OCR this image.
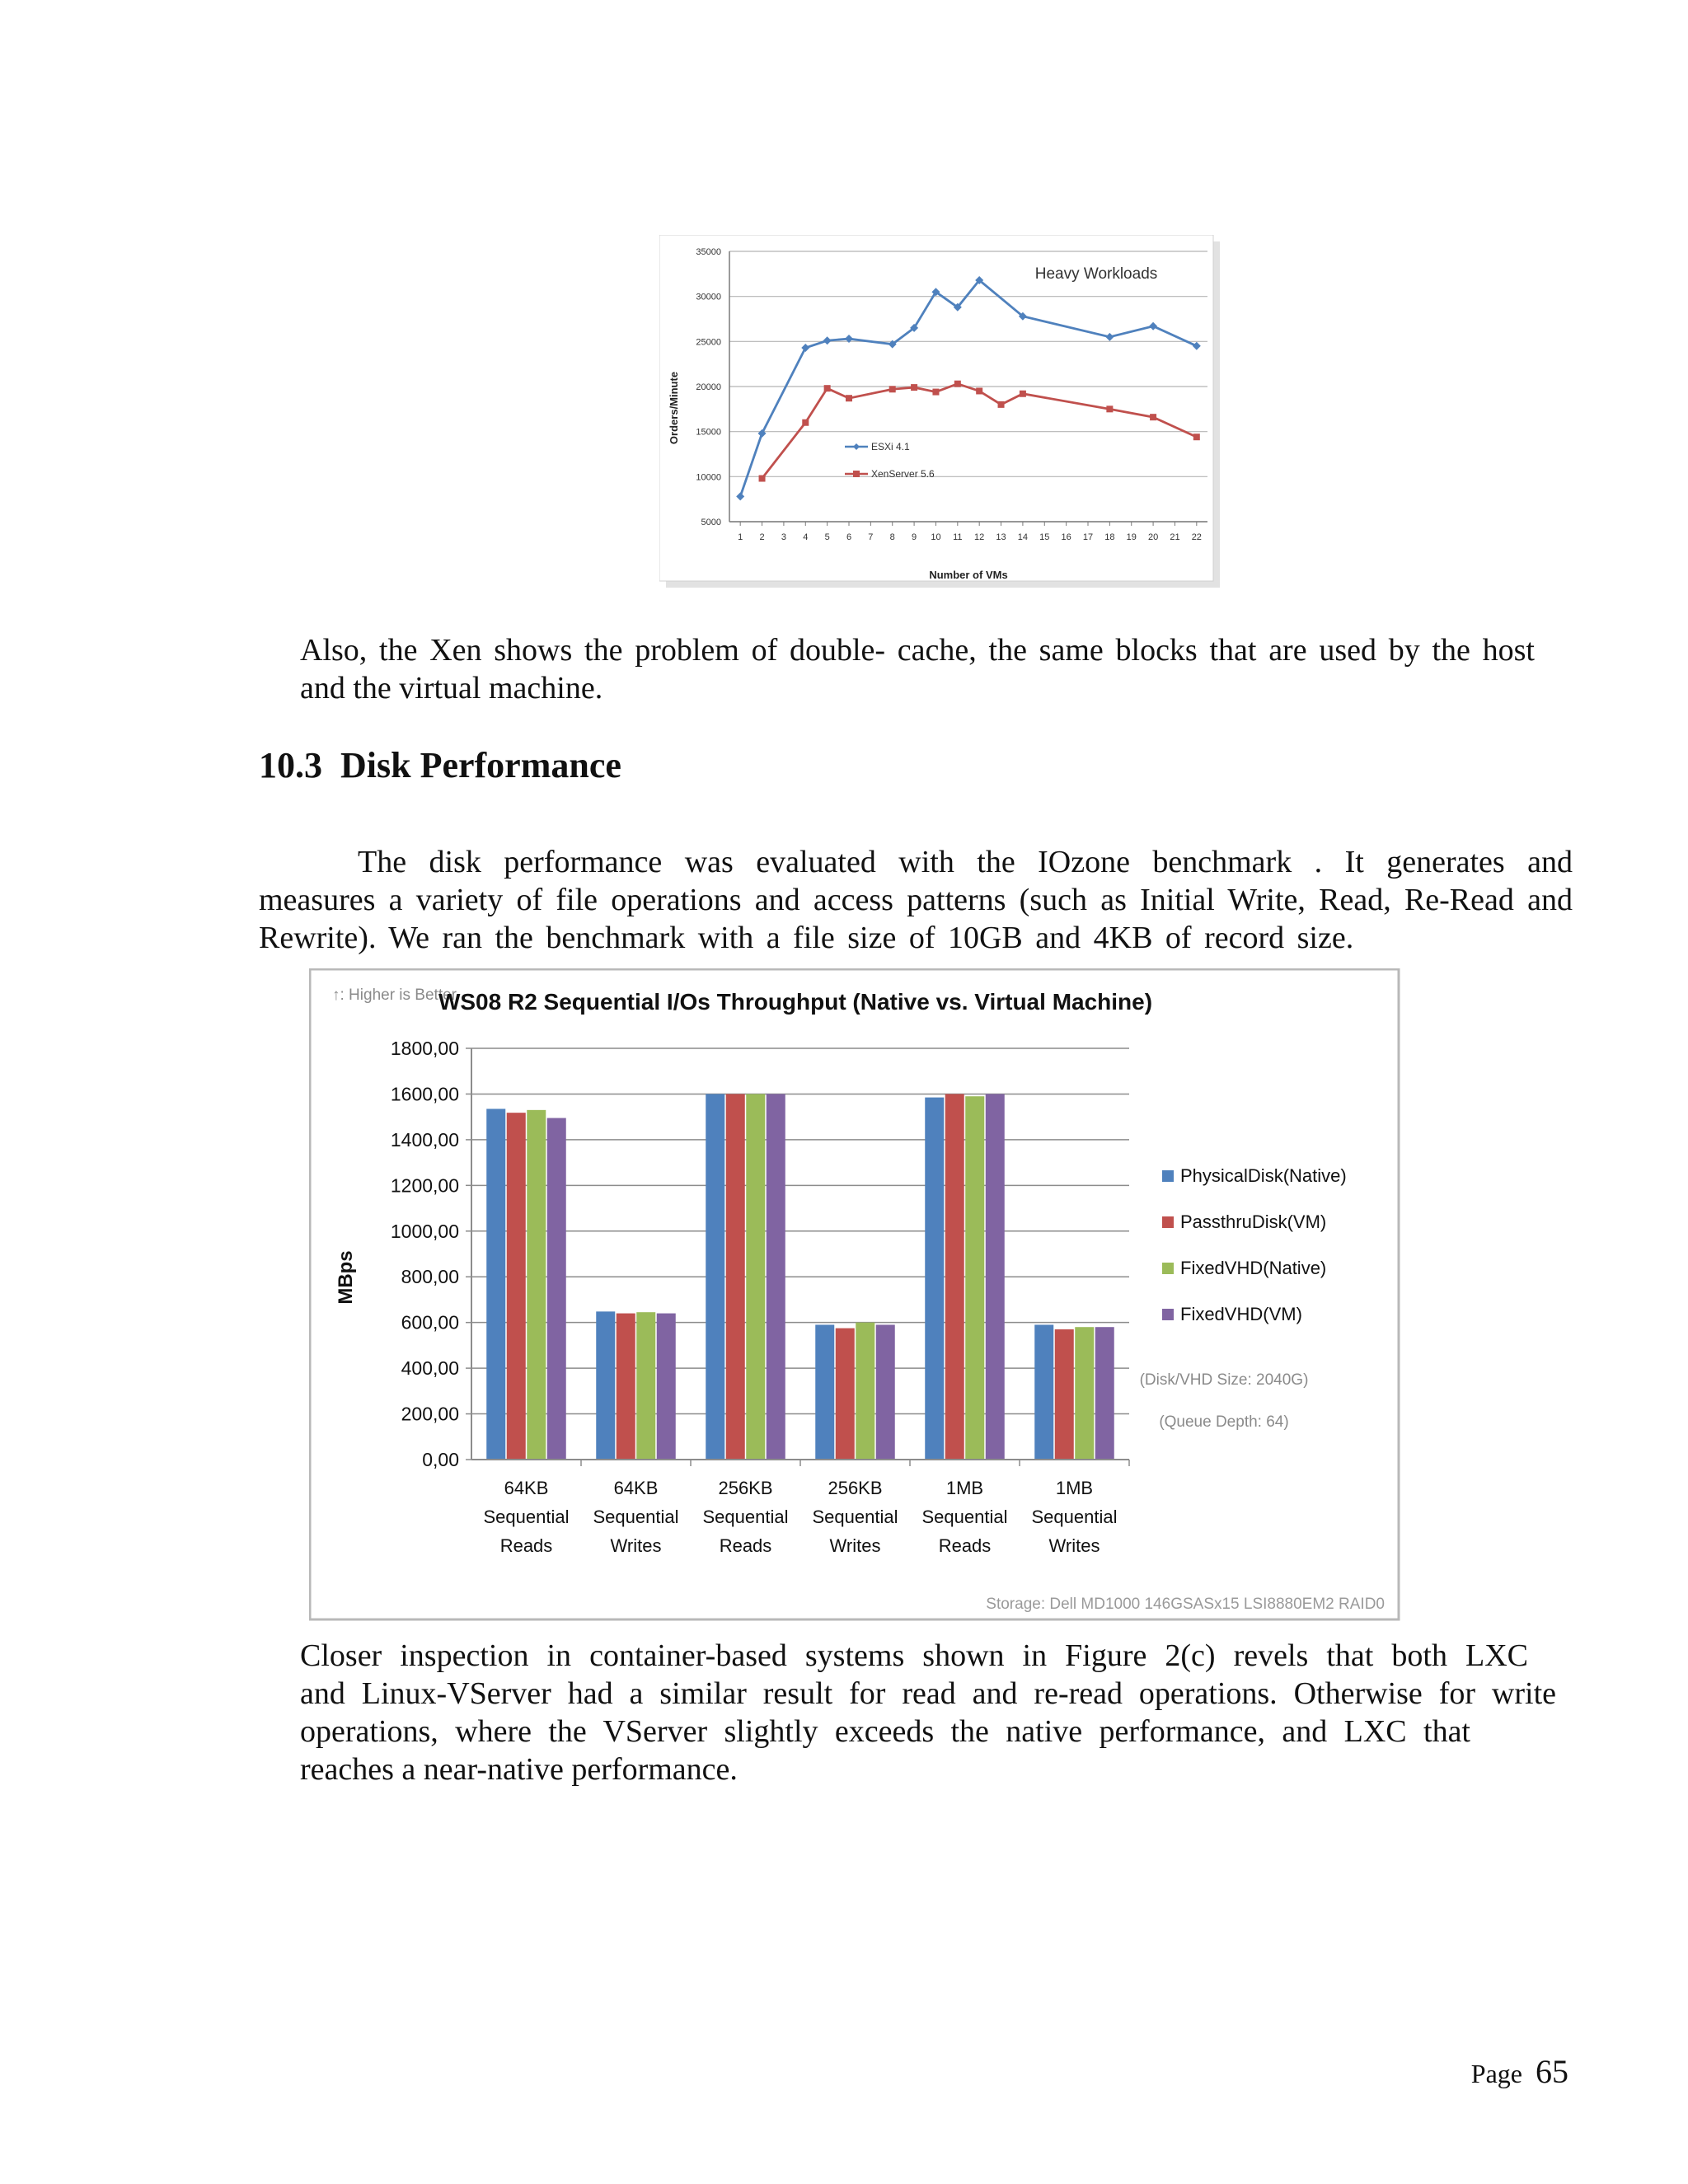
35000
30000
25000
20000
15000
10000
5000
1 2 3 4 5 6 7 8 9 10 11 12 13 14 15 16 17 18 19 20 21 22
ESXi 4.1
XenServer 5.6
Heavy Workloads
Number of VMs
Orders/Minute

Also, the Xen shows the problem of double- cache, the same blocks that are used by the host

and the virtual machine.

10.3 Disk Performance
The disk performance was evaluated with the IOzone benchmark . It generates and
measures a variety of file operations and access patterns (such as Initial Write, Read, Re-Read and
Rewrite). We ran the benchmark with a file size of 10GB and 4KB of record size.
↑: Higher is Better
WS08 R2 Sequential I/Os Throughput (Native vs. Virtual Machine)
1800,00
1600,00
1400,00
1200,00
1000,00
800,00
600,00
400,00
200,00
0,00
64KB
Sequential
Reads
64KB
Sequential
Writes
256KB
Sequential
Reads
256KB
Sequential
Writes
1MB
Sequential
Reads
1MB
Sequential
Writes
PhysicalDisk(Native)
PassthruDisk(VM)
FixedVHD(Native)
FixedVHD(VM)
MBps
(Disk/VHD Size: 2040G)
(Queue Depth: 64)
Storage: Dell MD1000 146GSASx15 LSI8880EM2 RAID0
Closer inspection in container-based systems shown in Figure 2(c) revels that both LXC
and Linux-VServer had a similar result for read and re-read operations. Otherwise for write
operations, where the VServer slightly exceeds the native performance, and LXC that
reaches a near-native performance.
Page 65
